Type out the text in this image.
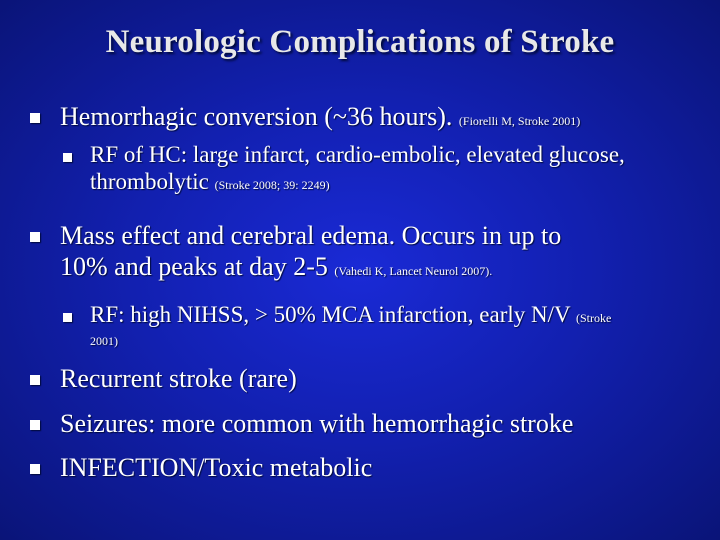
Neurologic Complications of Stroke
Hemorrhagic conversion (~36 hours). (Fiorelli M, Stroke 2001)
RF of HC: large infarct, cardio-embolic, elevated glucose,
thrombolytic (Stroke 2008; 39: 2249)
Mass effect and cerebral edema. Occurs in up to
10% and peaks at day 2-5 (Vahedi K, Lancet Neurol 2007).
RF: high NIHSS, > 50% MCA infarction, early N/V (Stroke
2001)
Recurrent stroke (rare)
Seizures: more common with hemorrhagic stroke
INFECTION/Toxic metabolic
